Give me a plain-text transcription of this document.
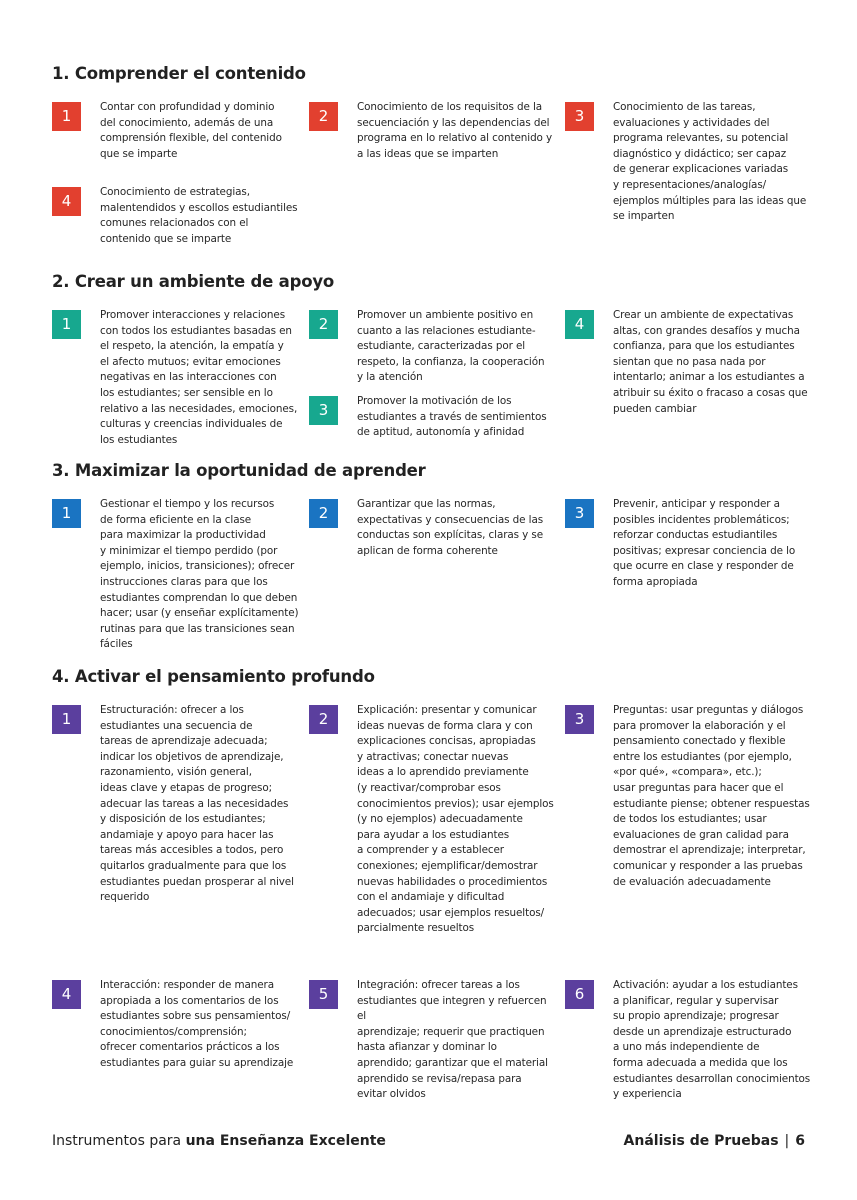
1. Comprender el contenido
1	Contar con profundidad y dominio
del conocimiento, además de una
comprensión flexible, del contenido
que se imparte
2	Conocimiento de los requisitos de la
secuenciación y las dependencias del
programa en lo relativo al contenido y
a las ideas que se imparten
3	Conocimiento de las tareas,
evaluaciones y actividades del
programa relevantes, su potencial
diagnóstico y didáctico; ser capaz
de generar explicaciones variadas
y representaciones/analogías/
ejemplos múltiples para las ideas que
se imparten
4	Conocimiento de estrategias,
malentendidos y escollos estudiantiles
comunes relacionados con el
contenido que se imparte
2. Crear un ambiente de apoyo
1	Promover interacciones y relaciones
con todos los estudiantes basadas en
el respeto, la atención, la empatía y
el afecto mutuos; evitar emociones
negativas en las interacciones con
los estudiantes; ser sensible en lo
relativo a las necesidades, emociones,
culturas y creencias individuales de
los estudiantes
2	Promover un ambiente positivo en
cuanto a las relaciones estudiante-
estudiante, caracterizadas por el
respeto, la confianza, la cooperación
y la atención
3	Promover la motivación de los
estudiantes a través de sentimientos
de aptitud, autonomía y afinidad
4	Crear un ambiente de expectativas
altas, con grandes desafíos y mucha
confianza, para que los estudiantes
sientan que no pasa nada por
intentarlo; animar a los estudiantes a
atribuir su éxito o fracaso a cosas que
pueden cambiar
3. Maximizar la oportunidad de aprender
1	Gestionar el tiempo y los recursos
de forma eficiente en la clase
para maximizar la productividad
y minimizar el tiempo perdido (por
ejemplo, inicios, transiciones); ofrecer
instrucciones claras para que los
estudiantes comprendan lo que deben
hacer; usar (y enseñar explícitamente)
rutinas para que las transiciones sean
fáciles
2	Garantizar que las normas,
expectativas y consecuencias de las
conductas son explícitas, claras y se
aplican de forma coherente
3	Prevenir, anticipar y responder a
posibles incidentes problemáticos;
reforzar conductas estudiantiles
positivas; expresar conciencia de lo
que ocurre en clase y responder de
forma apropiada
4. Activar el pensamiento profundo
1	Estructuración: ofrecer a los
estudiantes una secuencia de
tareas de aprendizaje adecuada;
indicar los objetivos de aprendizaje,
razonamiento, visión general,
ideas clave y etapas de progreso;
adecuar las tareas a las necesidades
y disposición de los estudiantes;
andamiaje y apoyo para hacer las
tareas más accesibles a todos, pero
quitarlos gradualmente para que los
estudiantes puedan prosperar al nivel
requerido
2	Explicación: presentar y comunicar
ideas nuevas de forma clara y con
explicaciones concisas, apropiadas
y atractivas; conectar nuevas
ideas a lo aprendido previamente
(y reactivar/comprobar esos
conocimientos previos); usar ejemplos
(y no ejemplos) adecuadamente
para ayudar a los estudiantes
a comprender y a establecer
conexiones; ejemplificar/demostrar
nuevas habilidades o procedimientos
con el andamiaje y dificultad
adecuados; usar ejemplos resueltos/
parcialmente resueltos
3	Preguntas: usar preguntas y diálogos
para promover la elaboración y el
pensamiento conectado y flexible
entre los estudiantes (por ejemplo,
«por qué», «compara», etc.);
usar preguntas para hacer que el
estudiante piense; obtener respuestas
de todos los estudiantes; usar
evaluaciones de gran calidad para
demostrar el aprendizaje; interpretar,
comunicar y responder a las pruebas
de evaluación adecuadamente
4	Interacción: responder de manera
apropiada a los comentarios de los
estudiantes sobre sus pensamientos/
conocimientos/comprensión;
ofrecer comentarios prácticos a los
estudiantes para guiar su aprendizaje
5	Integración: ofrecer tareas a los
estudiantes que integren y refuercen el
aprendizaje; requerir que practiquen
hasta afianzar y dominar lo
aprendido; garantizar que el material
aprendido se revisa/repasa para
evitar olvidos
6	Activación: ayudar a los estudiantes
a planificar, regular y supervisar
su propio aprendizaje; progresar
desde un aprendizaje estructurado
a uno más independiente de
forma adecuada a medida que los
estudiantes desarrollan conocimientos
y experiencia
Instrumentos para una Enseñanza Excelente	Análisis de Pruebas | 6
